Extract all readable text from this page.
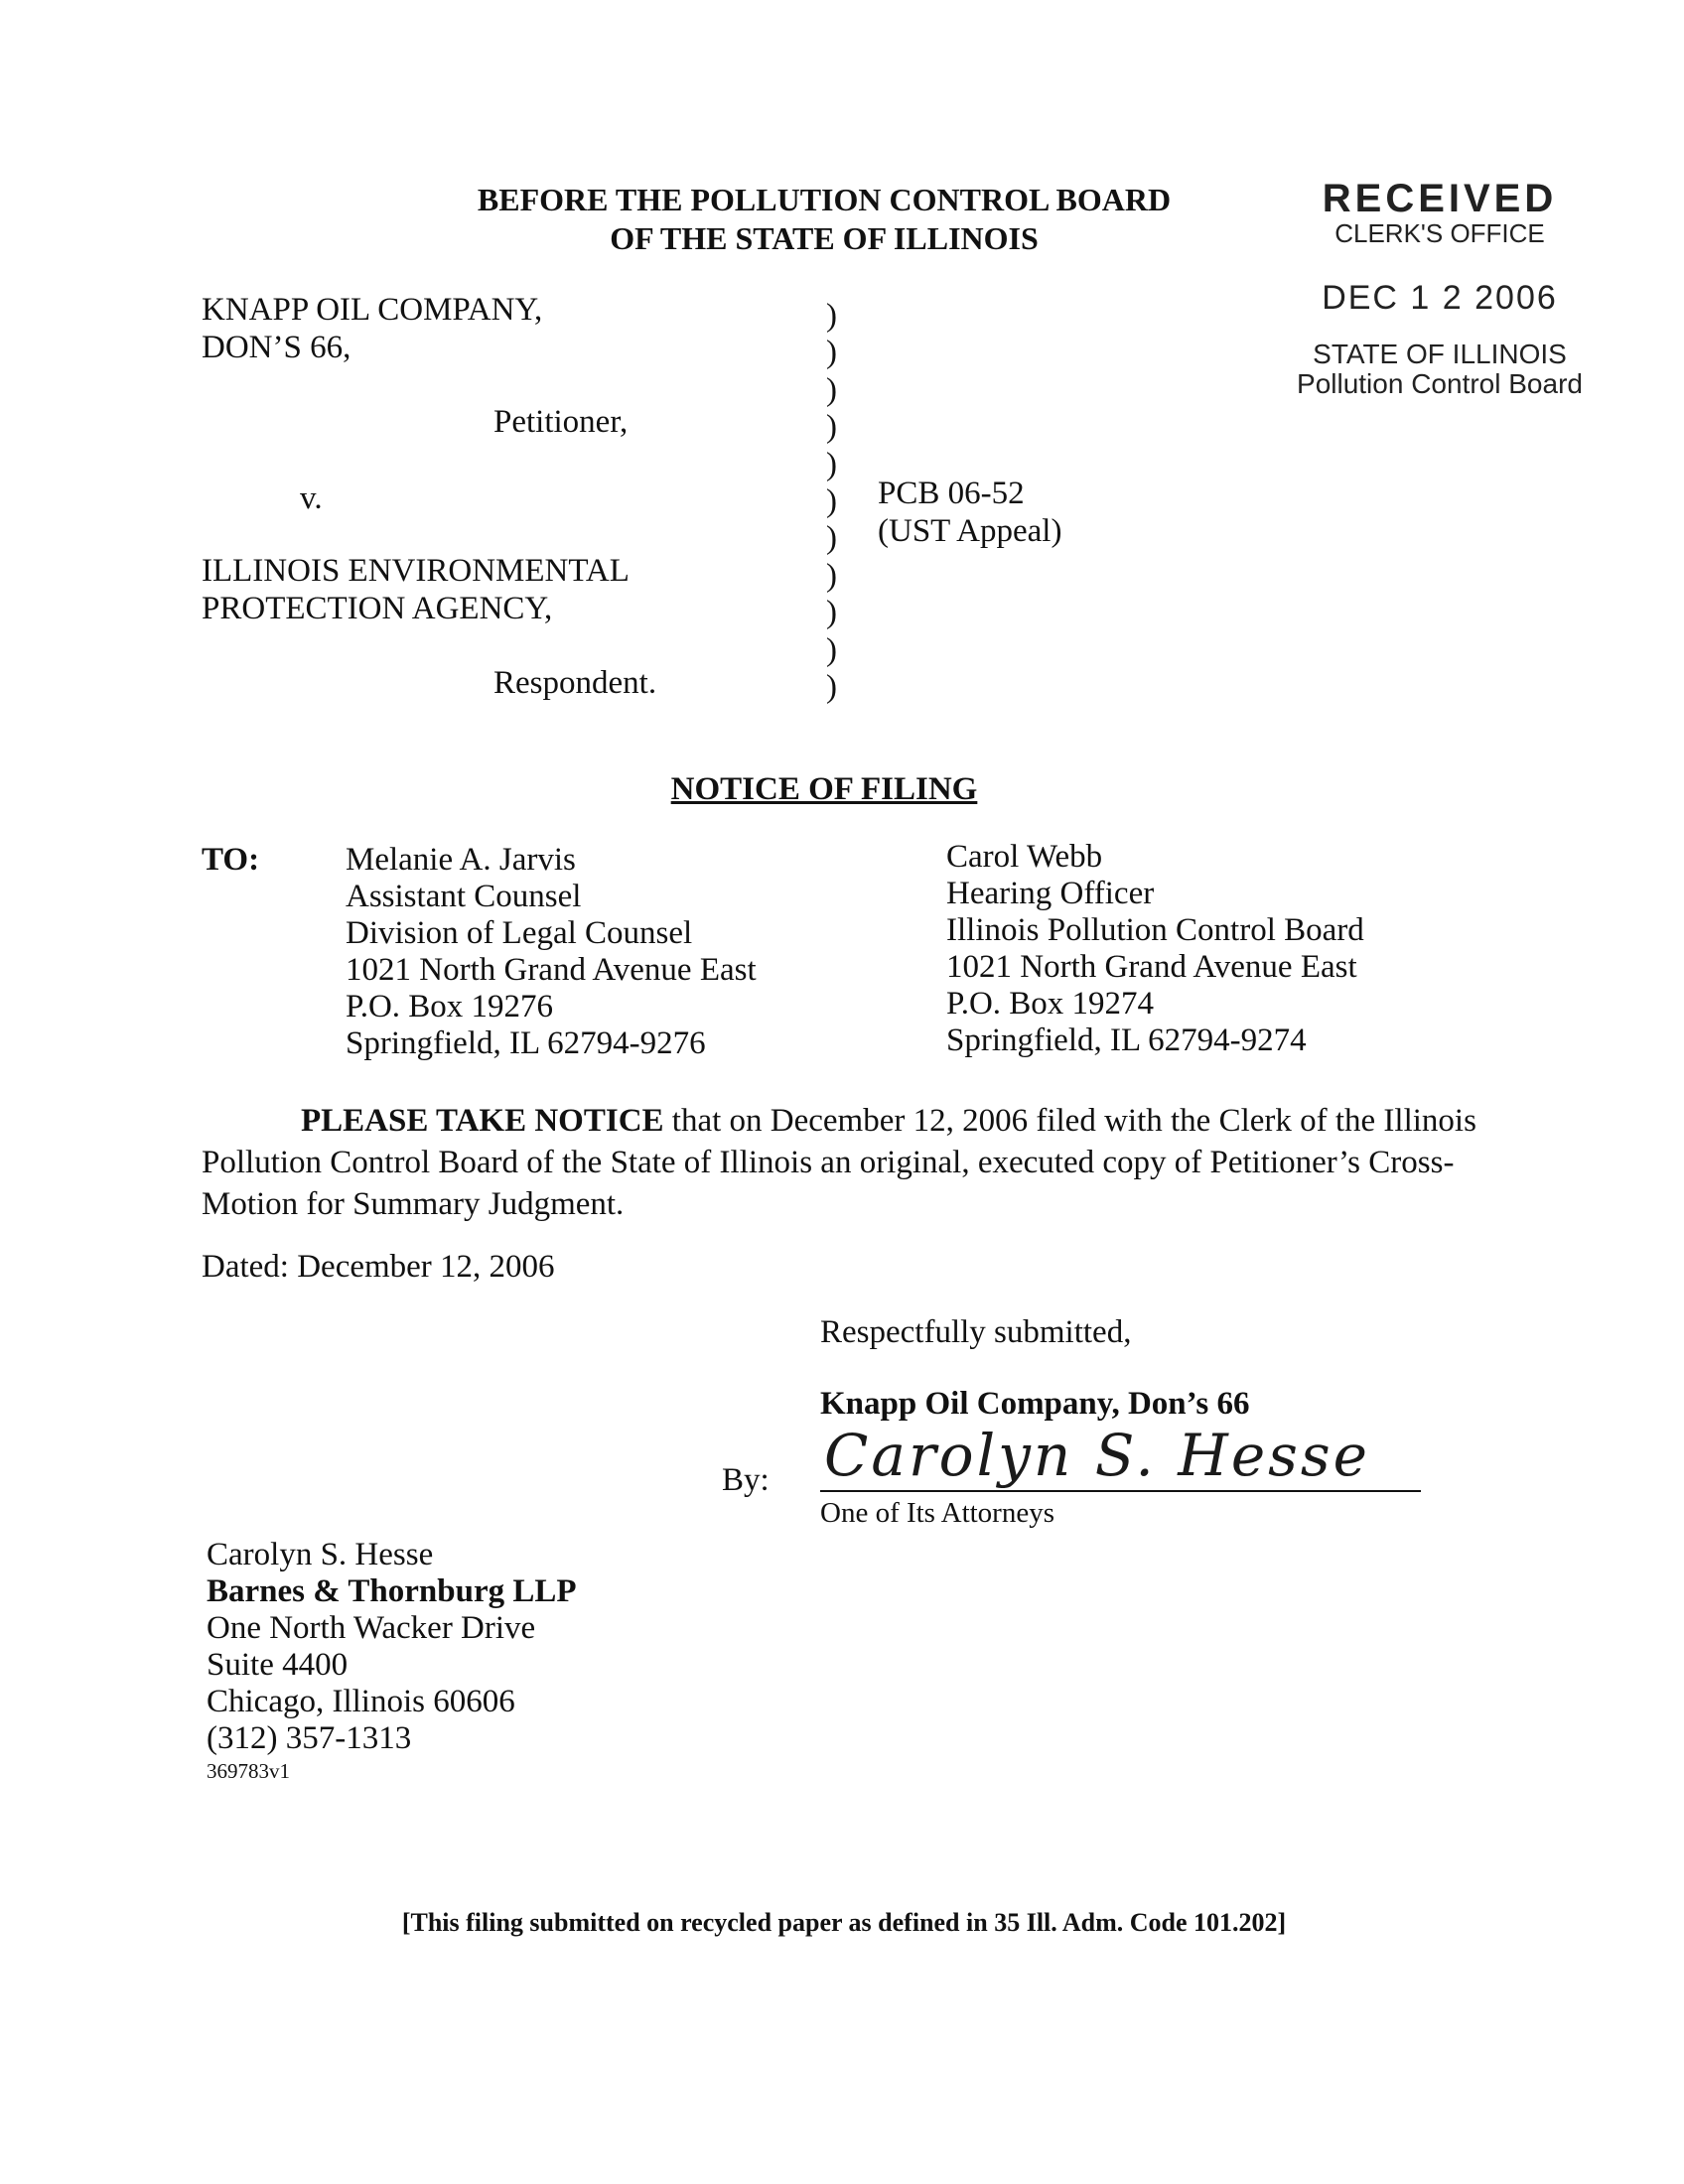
BEFORE THE POLLUTION CONTROL BOARD
OF THE STATE OF ILLINOIS
RECEIVED
CLERK'S OFFICE
DEC 1 2 2006
STATE OF ILLINOIS
Pollution Control Board
KNAPP OIL COMPANY,
DON’S 66,
Petitioner,
v.
ILLINOIS ENVIRONMENTAL
PROTECTION AGENCY,
Respondent.
)
)
)
)
)
)
)
)
)
)
)
PCB 06-52
(UST Appeal)
NOTICE OF FILING
TO:	Melanie A. Jarvis
Assistant Counsel
Division of Legal Counsel
1021 North Grand Avenue East
P.O. Box 19276
Springfield, IL 62794-9276
Carol Webb
Hearing Officer
Illinois Pollution Control Board
1021 North Grand Avenue East
P.O. Box 19274
Springfield, IL 62794-9274
PLEASE TAKE NOTICE that on December 12, 2006 filed with the Clerk of the Illinois Pollution Control Board of the State of Illinois an original, executed copy of Petitioner’s Cross-Motion for Summary Judgment.
Dated: December 12, 2006
Respectfully submitted,
Knapp Oil Company, Don’s 66
By: Carolyn S. Hesse
One of Its Attorneys
Carolyn S. Hesse
Barnes & Thornburg LLP
One North Wacker Drive
Suite 4400
Chicago, Illinois 60606
(312) 357-1313
369783v1
[This filing submitted on recycled paper as defined in 35 Ill. Adm. Code 101.202]
